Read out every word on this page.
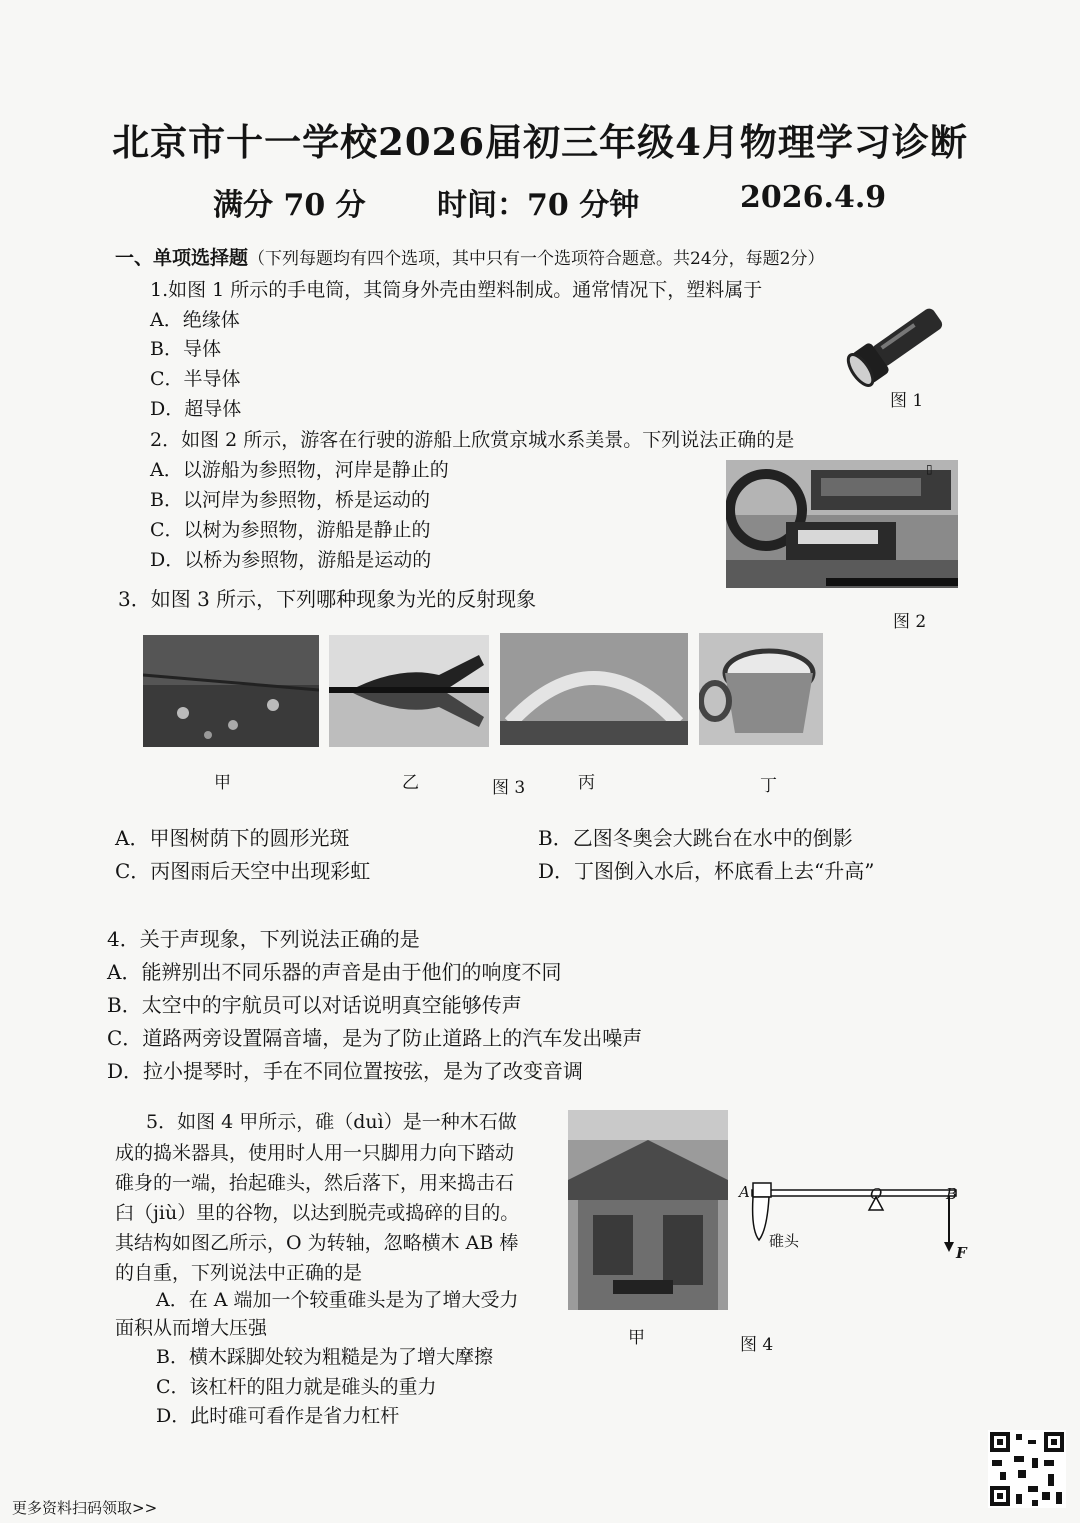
北京市十一学校2026届初三年级4月物理学习诊断
满分 70 分 时间：70 分钟	2026.4.9
一、单项选择题（下列每题均有四个选项，其中只有一个选项符合题意。共24分，每题2分）
1.如图 1 所示的手电筒，其筒身外壳由塑料制成。通常情况下，塑料属于
A．绝缘体
B．导体
C．半导体
D．超导体	图 1
2．如图 2 所示，游客在行驶的游船上欣赏京城水系美景。下列说法正确的是
A．以游船为参照物，河岸是静止的
B．以河岸为参照物，桥是运动的
C．以树为参照物，游船是静止的
D．以桥为参照物，游船是运动的
▯
图 2
3．如图 3 所示，下列哪种现象为光的反射现象
甲	乙	图 3	丙	丁
A．甲图树荫下的圆形光斑	B．乙图冬奥会大跳台在水中的倒影
C．丙图雨后天空中出现彩虹	D．丁图倒入水后，杯底看上去“升高”
4．关于声现象，下列说法正确的是
A．能辨别出不同乐器的声音是由于他们的响度不同
B．太空中的宇航员可以对话说明真空能够传声
C．道路两旁设置隔音墙，是为了防止道路上的汽车发出噪声
D．拉小提琴时，手在不同位置按弦，是为了改变音调
5．如图 4 甲所示，碓（duì）是一种木石做
成的捣米器具，使用时人用一只脚用力向下踏动
碓身的一端，抬起碓头，然后落下，用来捣击石
臼（jiù）里的谷物，以达到脱壳或捣碎的目的。
其结构如图乙所示，O 为转轴，忽略横木 AB 棒
的自重，下列说法中正确的是
A．在 A 端加一个较重碓头是为了增大受力
面积从而增大压强
B．横木踩脚处较为粗糙是为了增大摩擦
C．该杠杆的阻力就是碓头的重力
D．此时碓可看作是省力杠杆
甲
A	O	B
F
碓头
图 4
更多资料扫码领取>>
